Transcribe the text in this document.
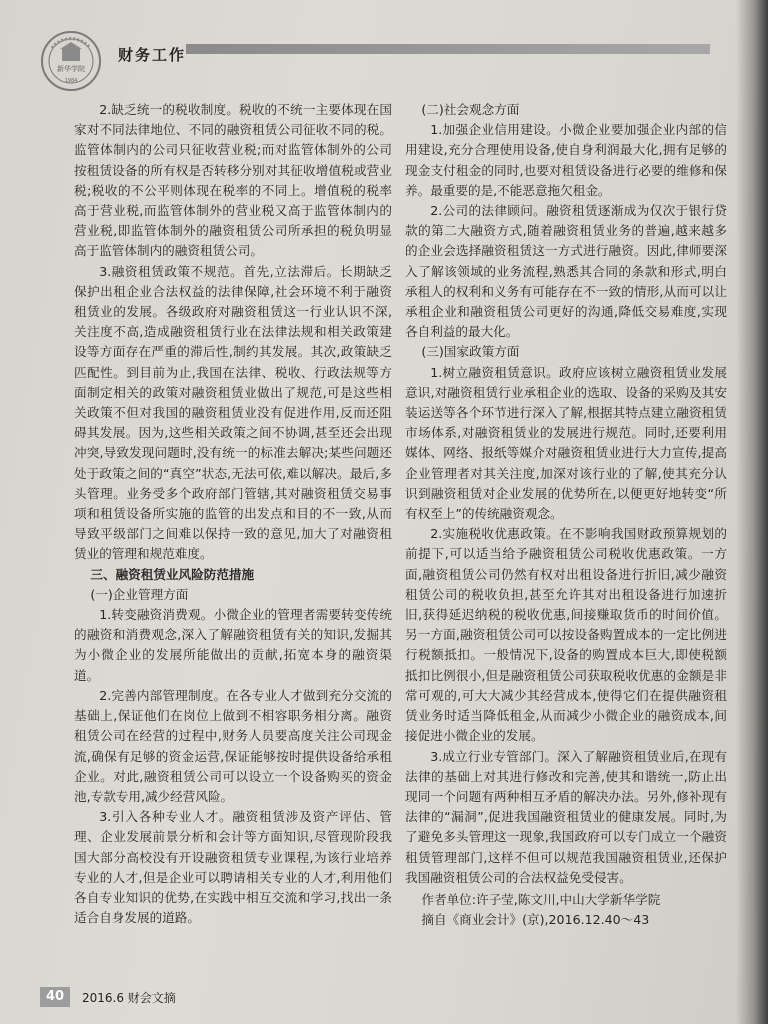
新华学院
1984
财务工作

2.缺乏统一的税收制度。税收的不统一主要体现在国家对不同法律地位、不同的融资租赁公司征收不同的税。监管体制内的公司只征收营业税;而对监管体制外的公司按租赁设备的所有权是否转移分别对其征收增值税或营业税;税收的不公平则体现在税率的不同上。增值税的税率高于营业税,而监管体制外的营业税又高于监管体制内的营业税,即监管体制外的融资租赁公司所承担的税负明显高于监管体制内的融资租赁公司。

3.融资租赁政策不规范。首先,立法滞后。长期缺乏保护出租企业合法权益的法律保障,社会环境不利于融资租赁业的发展。各级政府对融资租赁这一行业认识不深,关注度不高,造成融资租赁行业在法律法规和相关政策建设等方面存在严重的滞后性,制约其发展。其次,政策缺乏匹配性。到目前为止,我国在法律、税收、行政法规等方面制定相关的政策对融资租赁业做出了规范,可是这些相关政策不但对我国的融资租赁业没有促进作用,反而还阻碍其发展。因为,这些相关政策之间不协调,甚至还会出现冲突,导致发现问题时,没有统一的标准去解决;某些问题还处于政策之间的“真空”状态,无法可依,难以解决。最后,多头管理。业务受多个政府部门管辖,其对融资租赁交易事项和租赁设备所实施的监管的出发点和目的不一致,从而导致平级部门之间难以保持一致的意见,加大了对融资租赁业的管理和规范难度。

三、融资租赁业风险防范措施
(一)企业管理方面

1.转变融资消费观。小微企业的管理者需要转变传统的融资和消费观念,深入了解融资租赁有关的知识,发掘其为小微企业的发展所能做出的贡献,拓宽本身的融资渠道。

2.完善内部管理制度。在各专业人才做到充分交流的基础上,保证他们在岗位上做到不相容职务相分离。融资租赁公司在经营的过程中,财务人员要高度关注公司现金流,确保有足够的资金运营,保证能够按时提供设备给承租企业。对此,融资租赁公司可以设立一个设备购买的资金池,专款专用,减少经营风险。

3.引入各种专业人才。融资租赁涉及资产评估、管理、企业发展前景分析和会计等方面知识,尽管现阶段我国大部分高校没有开设融资租赁专业课程,为该行业培养专业的人才,但是企业可以聘请相关专业的人才,利用他们各自专业知识的优势,在实践中相互交流和学习,找出一条适合自身发展的道路。

(二)社会观念方面

1.加强企业信用建设。小微企业要加强企业内部的信用建设,充分合理使用设备,使自身利润最大化,拥有足够的现金支付租金的同时,也要对租赁设备进行必要的维修和保养。最重要的是,不能恶意拖欠租金。

2.公司的法律顾问。融资租赁逐渐成为仅次于银行贷款的第二大融资方式,随着融资租赁业务的普遍,越来越多的企业会选择融资租赁这一方式进行融资。因此,律师要深入了解该领域的业务流程,熟悉其合同的条款和形式,明白承租人的权利和义务有可能存在不一致的情形,从而可以让承租企业和融资租赁公司更好的沟通,降低交易难度,实现各自利益的最大化。

(三)国家政策方面

1.树立融资租赁意识。政府应该树立融资租赁业发展意识,对融资租赁行业承租企业的选取、设备的采购及其安装运送等各个环节进行深入了解,根据其特点建立融资租赁市场体系,对融资租赁业的发展进行规范。同时,还要利用媒体、网络、报纸等媒介对融资租赁业进行大力宣传,提高企业管理者对其关注度,加深对该行业的了解,使其充分认识到融资租赁对企业发展的优势所在,以便更好地转变“所有权至上”的传统融资观念。

2.实施税收优惠政策。在不影响我国财政预算规划的前提下,可以适当给予融资租赁公司税收优惠政策。一方面,融资租赁公司仍然有权对出租设备进行折旧,减少融资租赁公司的税收负担,甚至允许其对出租设备进行加速折旧,获得延迟纳税的税收优惠,间接赚取货币的时间价值。另一方面,融资租赁公司可以按设备购置成本的一定比例进行税额抵扣。一般情况下,设备的购置成本巨大,即使税额抵扣比例很小,但是融资租赁公司获取税收优惠的金额是非常可观的,可大大减少其经营成本,使得它们在提供融资租赁业务时适当降低租金,从而减少小微企业的融资成本,间接促进小微企业的发展。

3.成立行业专管部门。深入了解融资租赁业后,在现有法律的基础上对其进行修改和完善,使其和谐统一,防止出现同一个问题有两种相互矛盾的解决办法。另外,修补现有法律的“漏洞”,促进我国融资租赁业的健康发展。同时,为了避免多头管理这一现象,我国政府可以专门成立一个融资租赁管理部门,这样不但可以规范我国融资租赁业,还保护我国融资租赁公司的合法权益免受侵害。

作者单位:许子莹,陈文川,中山大学新华学院
摘自《商业会计》(京),2016.12.40～43
40	2016.6 财会文摘
